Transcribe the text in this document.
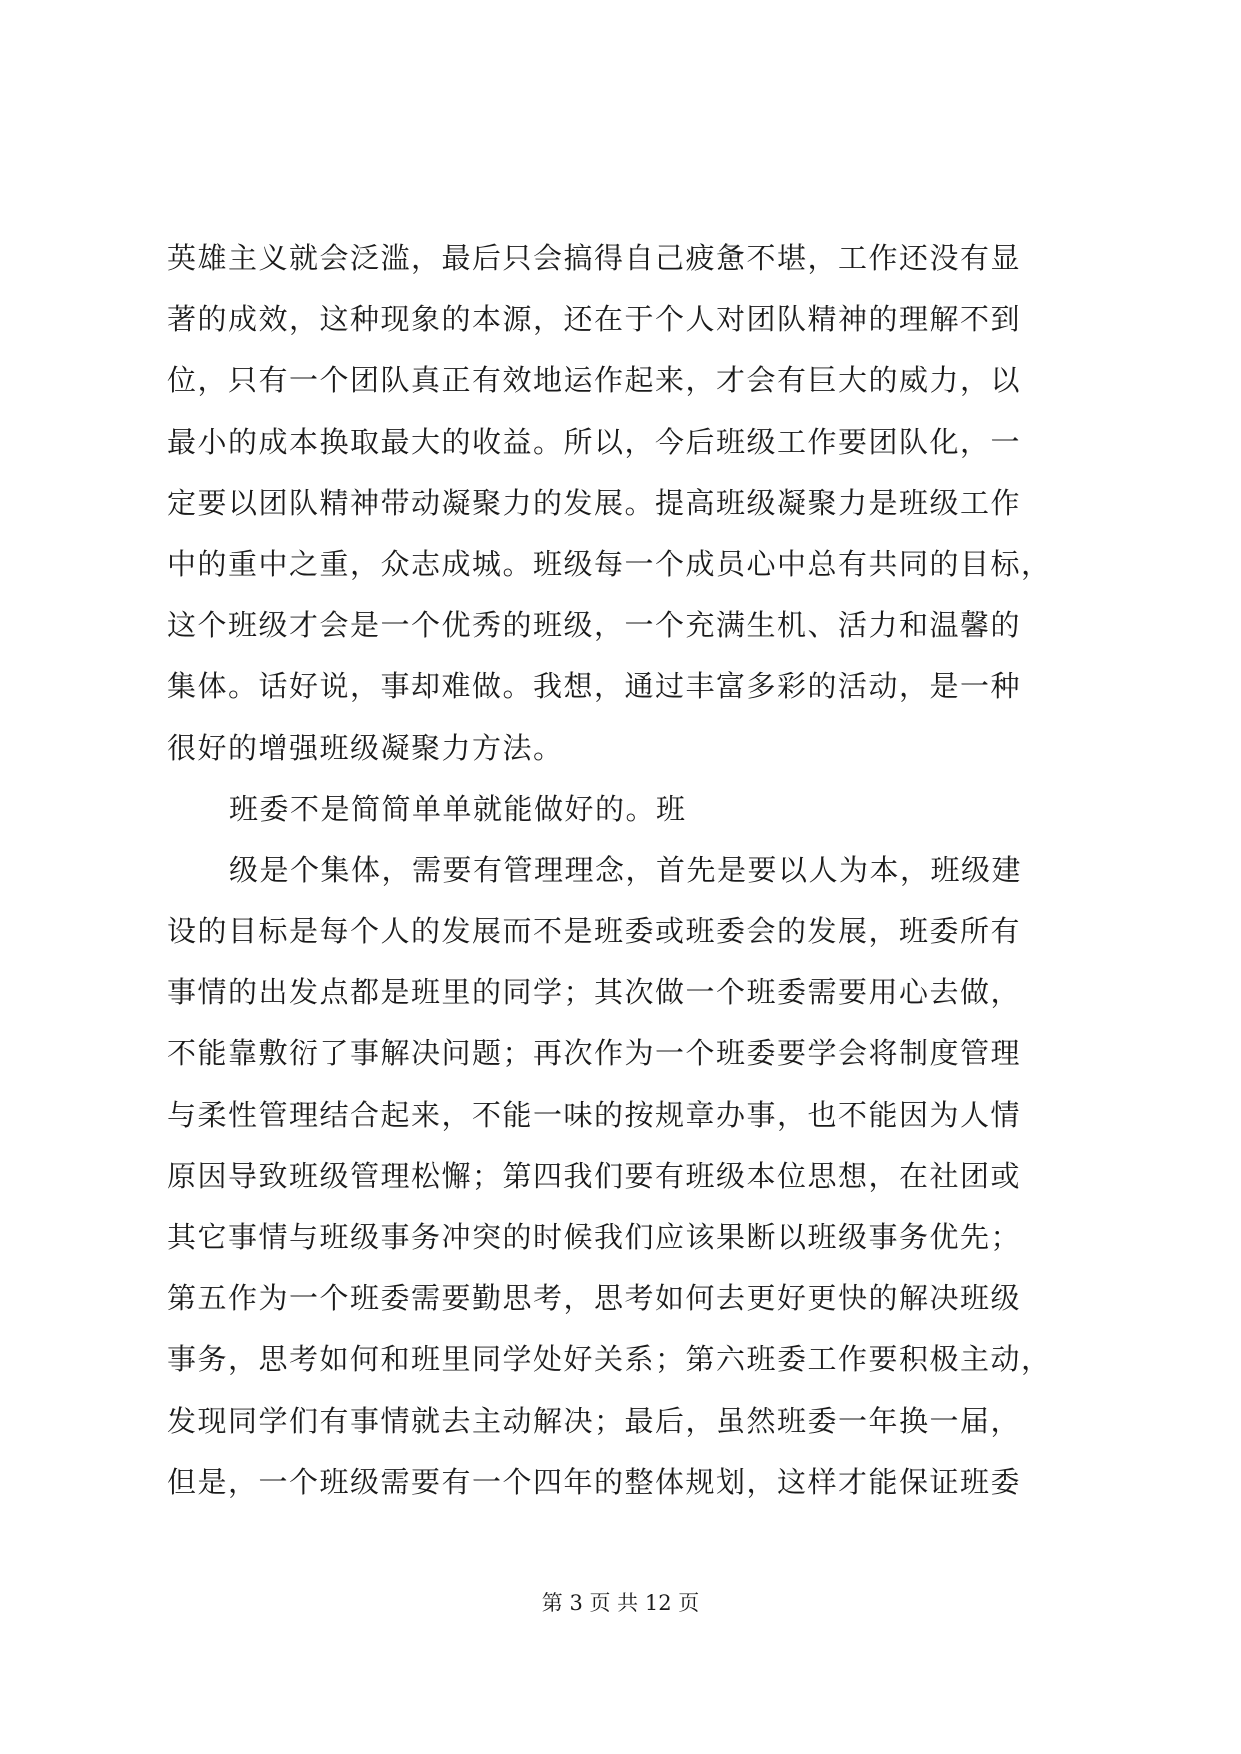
英雄主义就会泛滥，最后只会搞得自己疲惫不堪，工作还没有显
著的成效，这种现象的本源，还在于个人对团队精神的理解不到
位，只有一个团队真正有效地运作起来，才会有巨大的威力，以
最小的成本换取最大的收益。所以，今后班级工作要团队化，一
定要以团队精神带动凝聚力的发展。提高班级凝聚力是班级工作
中的重中之重，众志成城。班级每一个成员心中总有共同的目标，
这个班级才会是一个优秀的班级，一个充满生机、活力和温馨的
集体。话好说，事却难做。我想，通过丰富多彩的活动，是一种
很好的增强班级凝聚力方法。
班委不是简简单单就能做好的。班
级是个集体，需要有管理理念，首先是要以人为本，班级建
设的目标是每个人的发展而不是班委或班委会的发展，班委所有
事情的出发点都是班里的同学；其次做一个班委需要用心去做，
不能靠敷衍了事解决问题；再次作为一个班委要学会将制度管理
与柔性管理结合起来，不能一味的按规章办事，也不能因为人情
原因导致班级管理松懈；第四我们要有班级本位思想，在社团或
其它事情与班级事务冲突的时候我们应该果断以班级事务优先；
第五作为一个班委需要勤思考，思考如何去更好更快的解决班级
事务，思考如何和班里同学处好关系；第六班委工作要积极主动，
发现同学们有事情就去主动解决；最后，虽然班委一年换一届，
但是，一个班级需要有一个四年的整体规划，这样才能保证班委
第 3 页 共 12 页
